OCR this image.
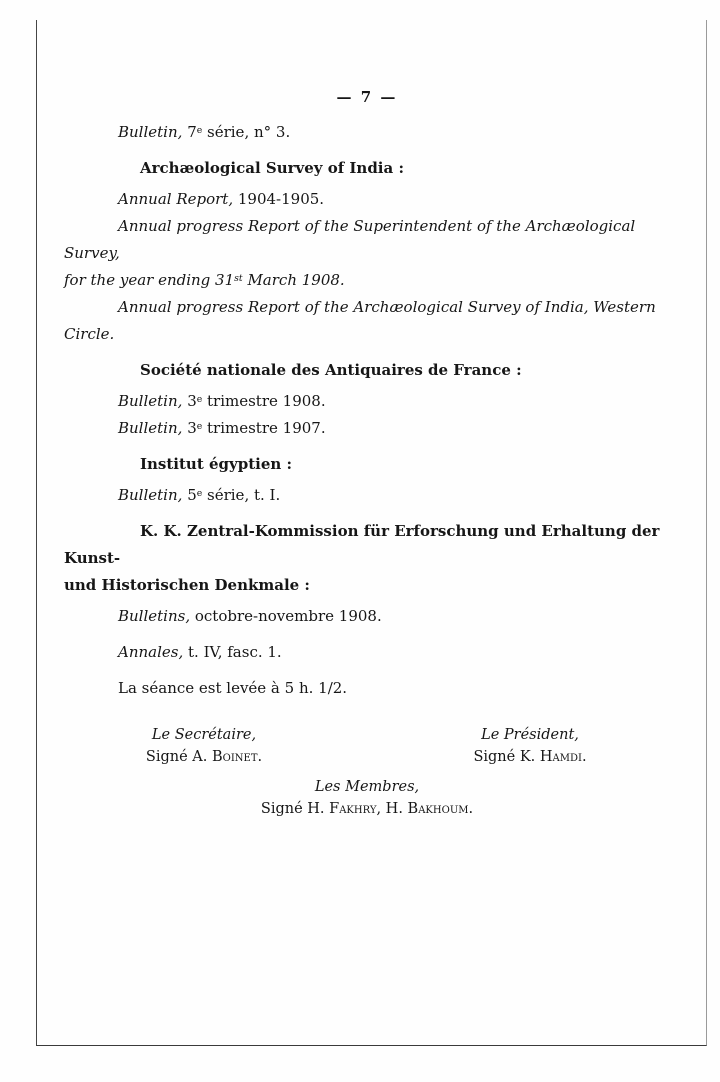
— 7 —
Bulletin, 7e série, n° 3.
Archæological Survey of India :
Annual Report, 1904-1905.
Annual progress Report of the Superintendent of the Archæological Survey,
for the year ending 31st March 1908.
Annual progress Report of the Archæological Survey of India, Western Circle.
Société nationale des Antiquaires de France :
Bulletin, 3e trimestre 1908.
Bulletin, 3e trimestre 1907.
Institut égyptien :
Bulletin, 5e série, t. I.
K. K. Zentral-Kommission für Erforschung und Erhaltung der Kunst-
und Historischen Denkmale :
Bulletins, octobre-novembre 1908.
Annales, t. IV, fasc. 1.
La séance est levée à 5 h. 1/2.
Le Secrétaire,
Signé A. Boinet.
Le Président,
Signé K. Hamdi.
Les Membres,
Signé H. Fakhry, H. Bakhoum.
